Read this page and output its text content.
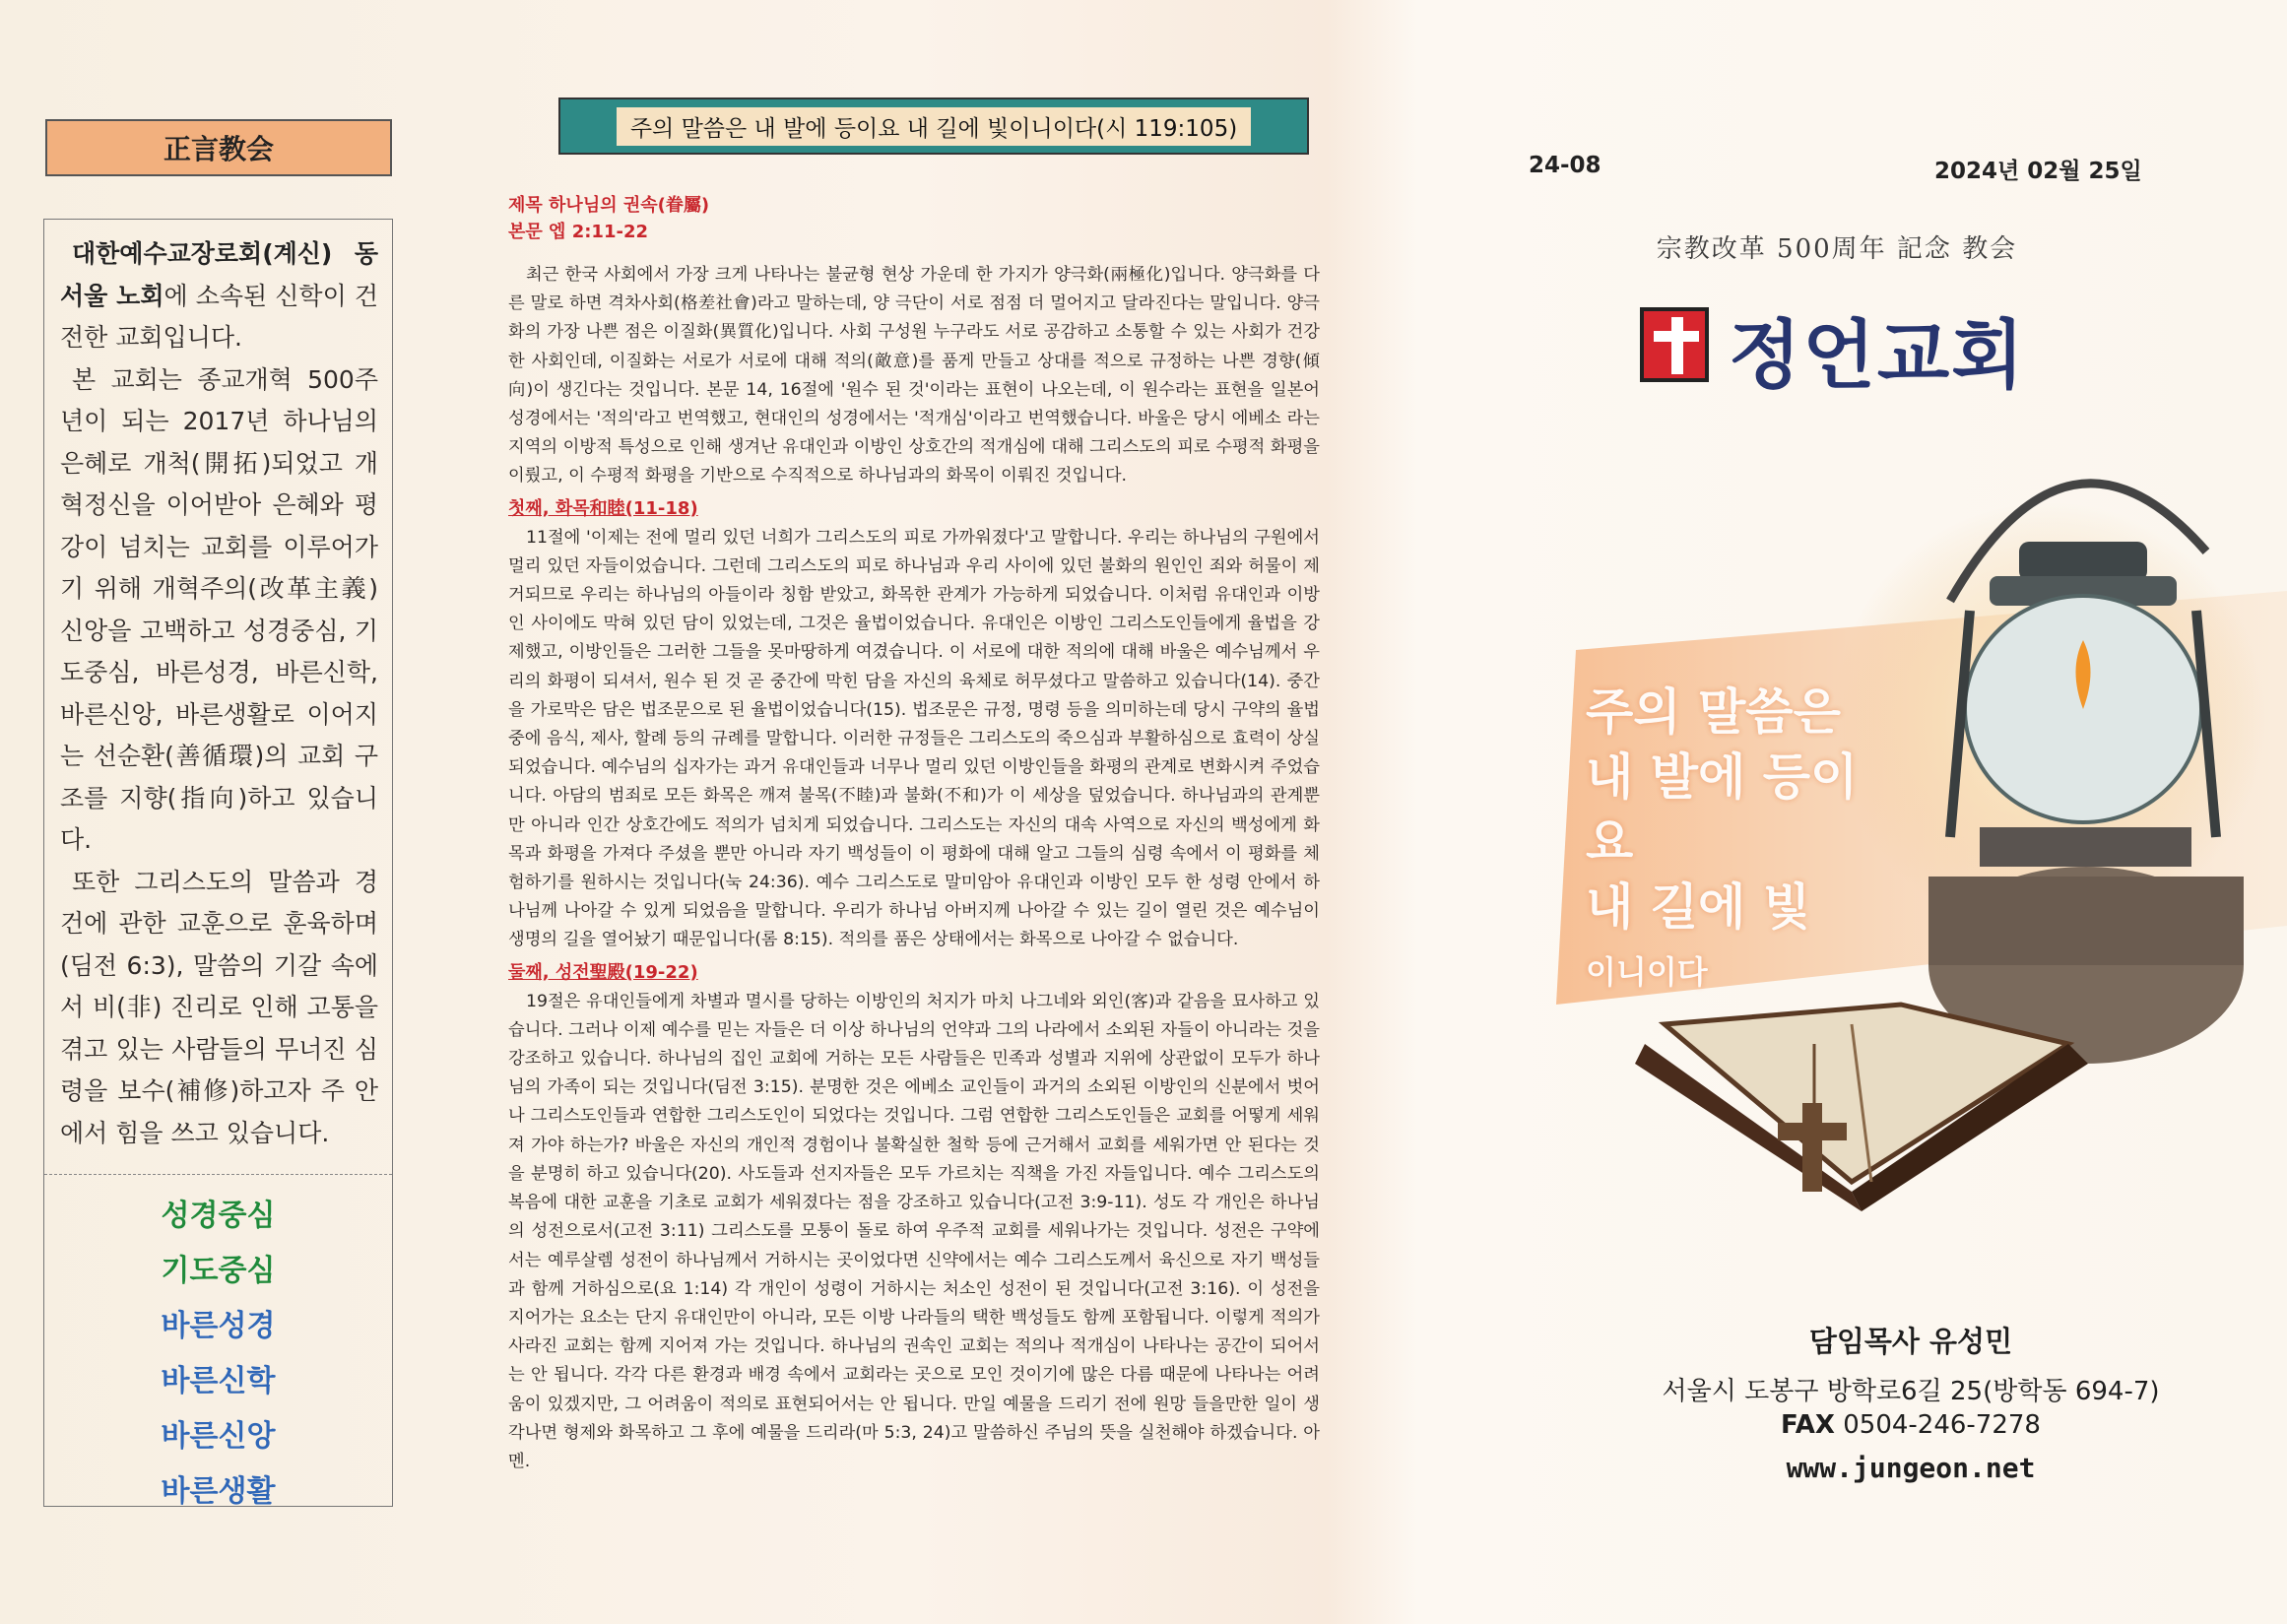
正言教会

대한예수교장로회(계신) 동서울 노회에 소속된 신학이 건전한 교회입니다.

본 교회는 종교개혁 500주년이 되는 2017년 하나님의 은혜로 개척(開拓)되었고 개혁정신을 이어받아 은혜와 평강이 넘치는 교회를 이루어가기 위해 개혁주의(改革主義) 신앙을 고백하고 성경중심, 기도중심, 바른성경, 바른신학, 바른신앙, 바른생활로 이어지는 선순환(善循環)의 교회 구조를 지향(指向)하고 있습니다.

또한 그리스도의 말씀과 경건에 관한 교훈으로 훈육하며(딤전 6:3), 말씀의 기갈 속에서 비(非) 진리로 인해 고통을 겪고 있는 사람들의 무너진 심령을 보수(補修)하고자 주 안에서 힘을 쓰고 있습니다.

성경중심
기도중심
바른성경
바른신학
바른신앙
바른생활
주의 말씀은 내 발에 등이요 내 길에 빛이니이다(시 119:105)
제목 하나님의 권속(眷屬)
본문 엡 2:11-22

최근 한국 사회에서 가장 크게 나타나는 불균형 현상 가운데 한 가지가 양극화(兩極化)입니다. 양극화를 다른 말로 하면 격차사회(格差社會)라고 말하는데, 양 극단이 서로 점점 더 멀어지고 달라진다는 말입니다. 양극화의 가장 나쁜 점은 이질화(異質化)입니다. 사회 구성원 누구라도 서로 공감하고 소통할 수 있는 사회가 건강한 사회인데, 이질화는 서로가 서로에 대해 적의(敵意)를 품게 만들고 상대를 적으로 규정하는 나쁜 경향(傾向)이 생긴다는 것입니다. 본문 14, 16절에 '원수 된 것'이라는 표현이 나오는데, 이 원수라는 표현을 일본어 성경에서는 '적의'라고 번역했고, 현대인의 성경에서는 '적개심'이라고 번역했습니다. 바울은 당시 에베소 라는 지역의 이방적 특성으로 인해 생겨난 유대인과 이방인 상호간의 적개심에 대해 그리스도의 피로 수평적 화평을 이뤘고, 이 수평적 화평을 기반으로 수직적으로 하나님과의 화목이 이뤄진 것입니다.

첫째, 화목和睦(11-18)

11절에 '이제는 전에 멀리 있던 너희가 그리스도의 피로 가까워졌다'고 말합니다. 우리는 하나님의 구원에서 멀리 있던 자들이었습니다. 그런데 그리스도의 피로 하나님과 우리 사이에 있던 불화의 원인인 죄와 허물이 제거되므로 우리는 하나님의 아들이라 칭함 받았고, 화목한 관계가 가능하게 되었습니다. 이처럼 유대인과 이방인 사이에도 막혀 있던 담이 있었는데, 그것은 율법이었습니다. 유대인은 이방인 그리스도인들에게 율법을 강제했고, 이방인들은 그러한 그들을 못마땅하게 여겼습니다. 이 서로에 대한 적의에 대해 바울은 예수님께서 우리의 화평이 되셔서, 원수 된 것 곧 중간에 막힌 담을 자신의 육체로 허무셨다고 말씀하고 있습니다(14). 중간을 가로막은 담은 법조문으로 된 율법이었습니다(15). 법조문은 규정, 명령 등을 의미하는데 당시 구약의 율법 중에 음식, 제사, 할례 등의 규례를 말합니다. 이러한 규정들은 그리스도의 죽으심과 부활하심으로 효력이 상실되었습니다. 예수님의 십자가는 과거 유대인들과 너무나 멀리 있던 이방인들을 화평의 관계로 변화시켜 주었습니다. 아담의 범죄로 모든 화목은 깨져 불목(不睦)과 불화(不和)가 이 세상을 덮었습니다. 하나님과의 관계뿐만 아니라 인간 상호간에도 적의가 넘치게 되었습니다. 그리스도는 자신의 대속 사역으로 자신의 백성에게 화목과 화평을 가져다 주셨을 뿐만 아니라 자기 백성들이 이 평화에 대해 알고 그들의 심령 속에서 이 평화를 체험하기를 원하시는 것입니다(눅 24:36). 예수 그리스도로 말미암아 유대인과 이방인 모두 한 성령 안에서 하나님께 나아갈 수 있게 되었음을 말합니다. 우리가 하나님 아버지께 나아갈 수 있는 길이 열린 것은 예수님이 생명의 길을 열어놨기 때문입니다(롬 8:15). 적의를 품은 상태에서는 화목으로 나아갈 수 없습니다.

둘째, 성전聖殿(19-22)

19절은 유대인들에게 차별과 멸시를 당하는 이방인의 처지가 마치 나그네와 외인(客)과 같음을 묘사하고 있습니다. 그러나 이제 예수를 믿는 자들은 더 이상 하나님의 언약과 그의 나라에서 소외된 자들이 아니라는 것을 강조하고 있습니다. 하나님의 집인 교회에 거하는 모든 사람들은 민족과 성별과 지위에 상관없이 모두가 하나님의 가족이 되는 것입니다(딤전 3:15). 분명한 것은 에베소 교인들이 과거의 소외된 이방인의 신분에서 벗어나 그리스도인들과 연합한 그리스도인이 되었다는 것입니다. 그럼 연합한 그리스도인들은 교회를 어떻게 세워져 가야 하는가? 바울은 자신의 개인적 경험이나 불확실한 철학 등에 근거해서 교회를 세워가면 안 된다는 것을 분명히 하고 있습니다(20). 사도들과 선지자들은 모두 가르치는 직책을 가진 자들입니다. 예수 그리스도의 복음에 대한 교훈을 기초로 교회가 세워졌다는 점을 강조하고 있습니다(고전 3:9-11). 성도 각 개인은 하나님의 성전으로서(고전 3:11) 그리스도를 모퉁이 돌로 하여 우주적 교회를 세워나가는 것입니다. 성전은 구약에서는 예루살렘 성전이 하나님께서 거하시는 곳이었다면 신약에서는 예수 그리스도께서 육신으로 자기 백성들과 함께 거하심으로(요 1:14) 각 개인이 성령이 거하시는 처소인 성전이 된 것입니다(고전 3:16). 이 성전을 지어가는 요소는 단지 유대인만이 아니라, 모든 이방 나라들의 택한 백성들도 함께 포함됩니다. 이렇게 적의가 사라진 교회는 함께 지어져 가는 것입니다. 하나님의 권속인 교회는 적의나 적개심이 나타나는 공간이 되어서는 안 됩니다. 각각 다른 환경과 배경 속에서 교회라는 곳으로 모인 것이기에 많은 다름 때문에 나타나는 어려움이 있겠지만, 그 어려움이 적의로 표현되어서는 안 됩니다. 만일 예물을 드리기 전에 원망 들을만한 일이 생각나면 형제와 화목하고 그 후에 예물을 드리라(마 5:3, 24)고 말씀하신 주님의 뜻을 실천해야 하겠습니다. 아멘.

24-08	2024년 02월 25일
宗教改革 500周年 記念 教会
정언교회
주의 말씀은
내 발에 등이요
내 길에 빛
이니이다
담임목사 유성민
서울시 도봉구 방학로6길 25(방학동 694-7)
FAX 0504-246-7278
www.jungeon.net
